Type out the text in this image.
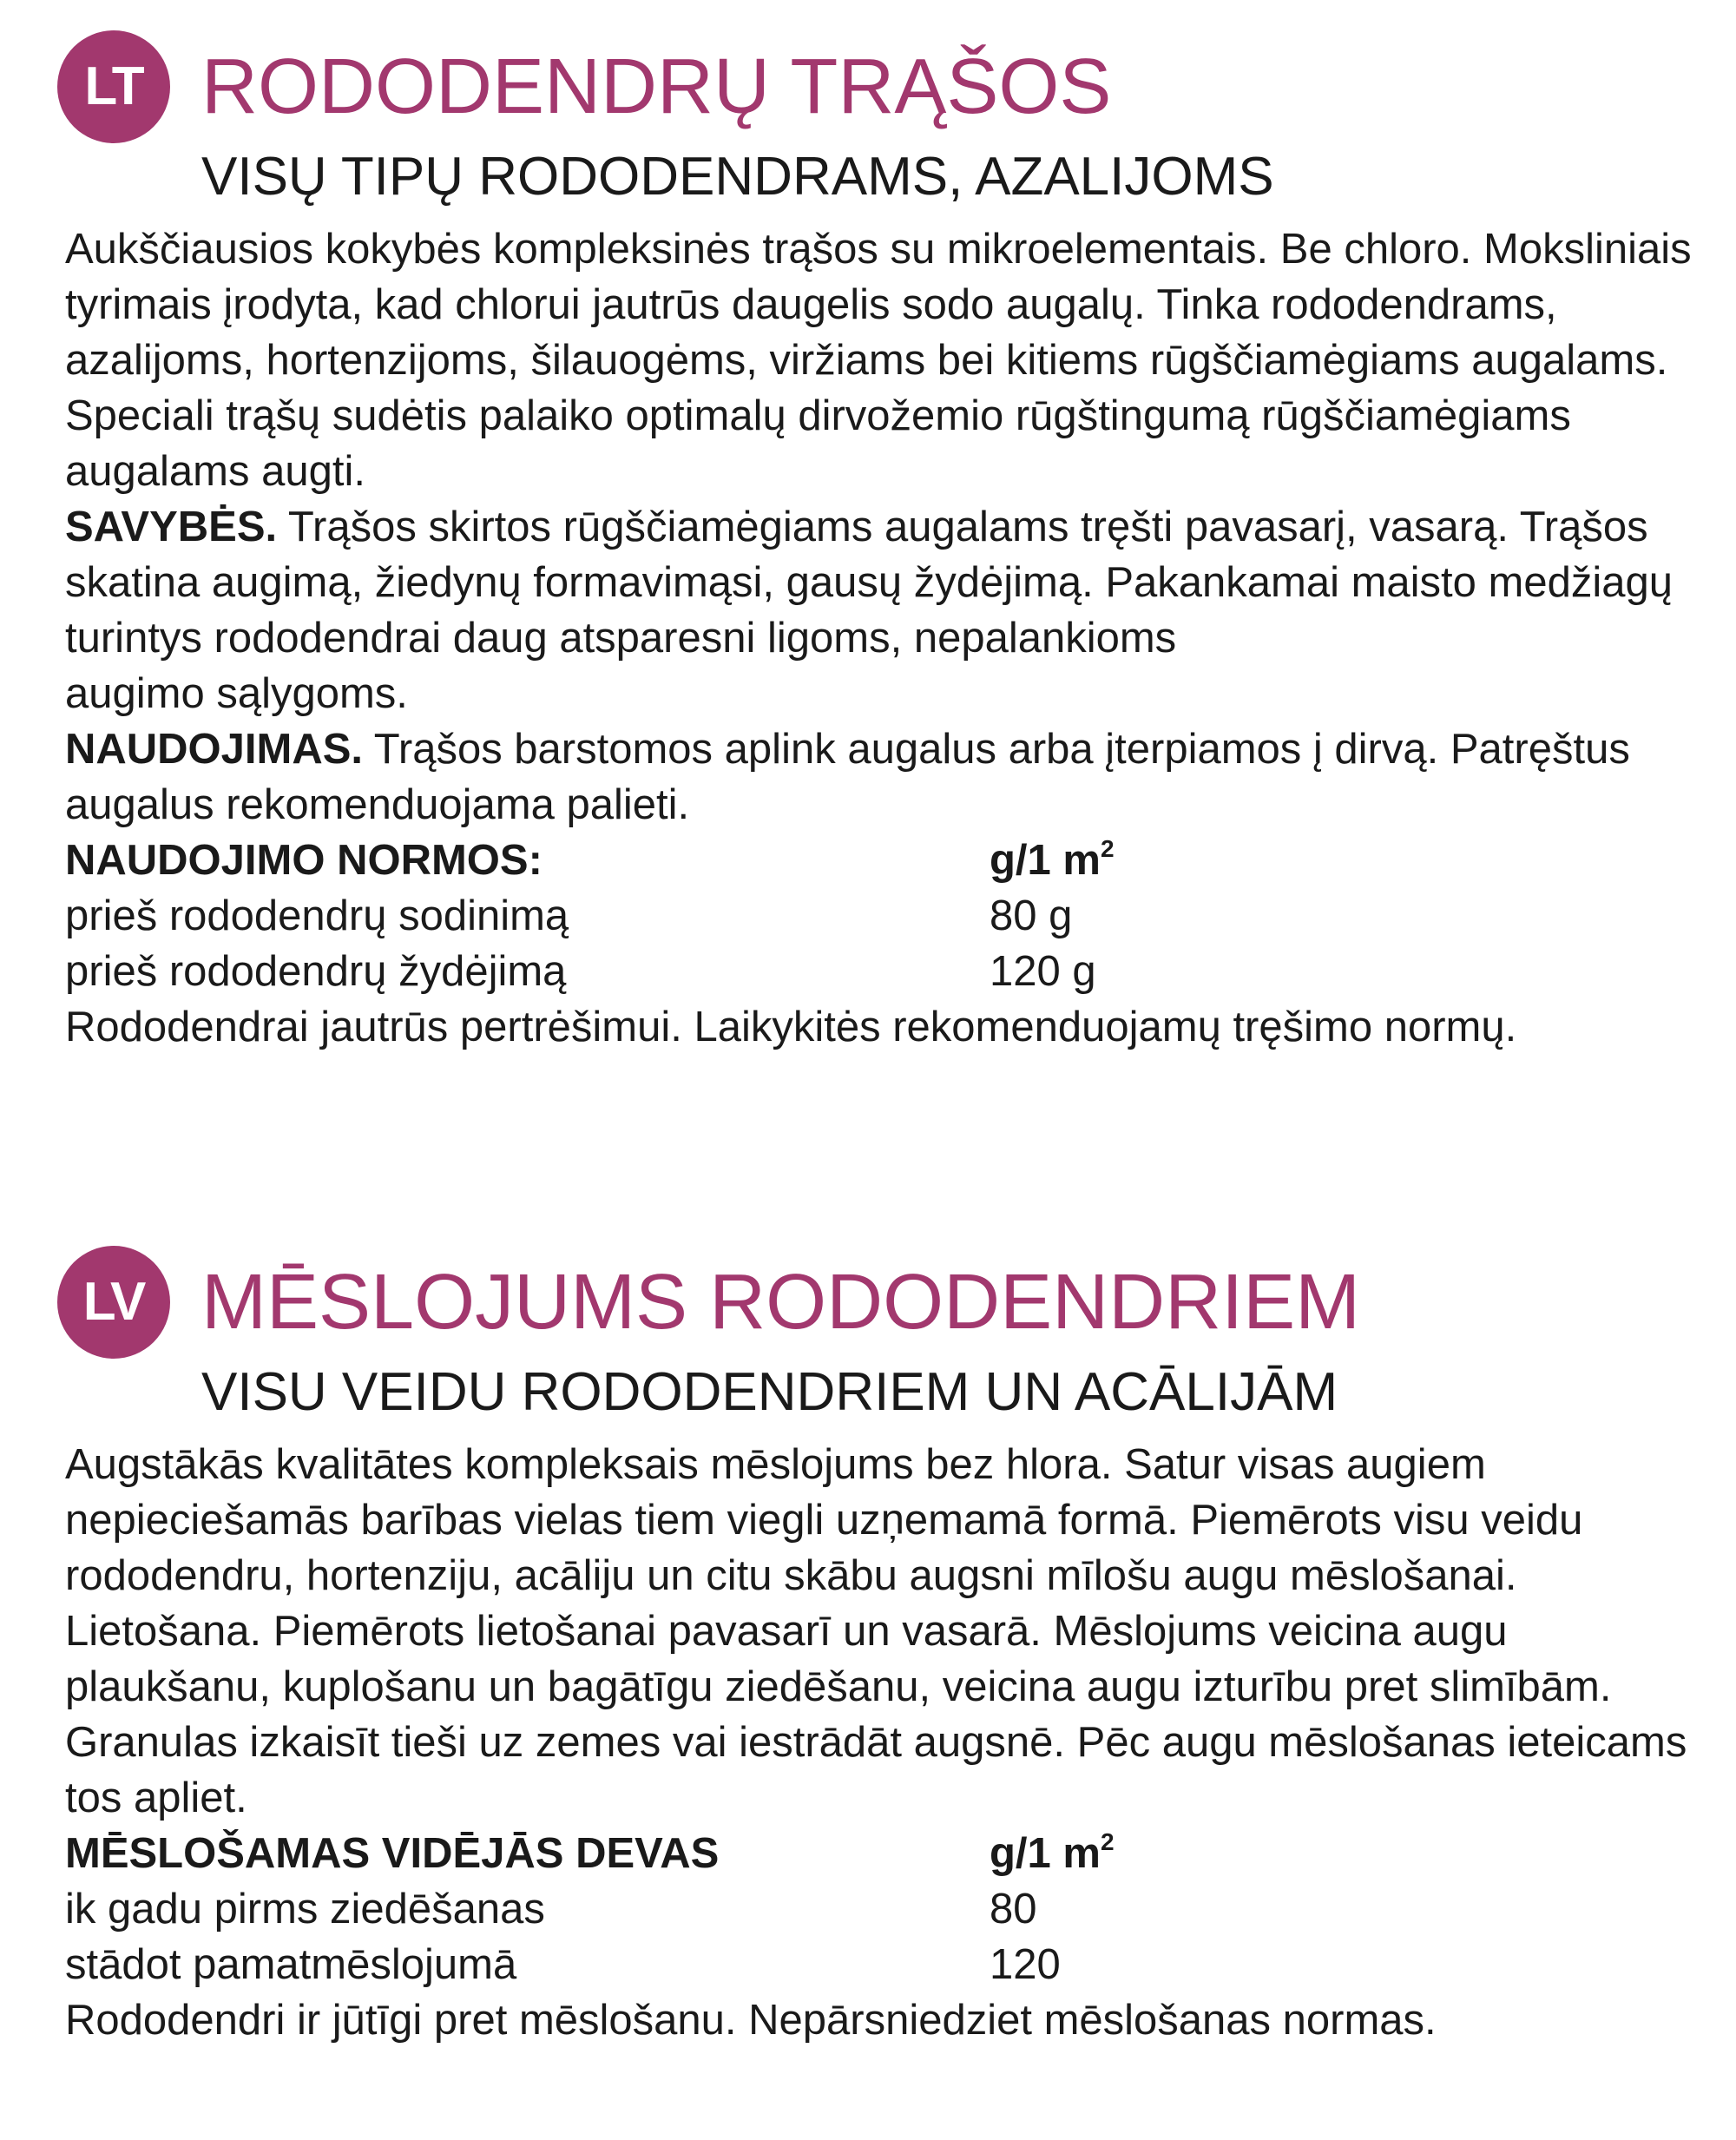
LT RODODENDRŲ TRĄŠOS
VISŲ TIPŲ RODODENDRAMS, AZALIJOMS

Aukščiausios kokybės kompleksinės trąšos su mikroelementais. Be chloro. Moksliniais tyrimais įrodyta, kad chlorui jautrūs daugelis sodo augalų. Tinka rododendrams, azalijoms, hortenzijoms, šilauogėms, viržiams bei kitiems rūgščiamėgiams augalams. Speciali trąšų sudėtis palaiko optimalų dirvožemio rūgštingumą rūgščiamėgiams augalams augti.

SAVYBĖS. Trąšos skirtos rūgščiamėgiams augalams tręšti pavasarį, vasarą. Trąšos skatina augimą, žiedynų formavimąsi, gausų žydėjimą. Pakankamai maisto medžiagų turintys rododendrai daug atsparesni ligoms, nepalankioms

augimo sąlygoms.

NAUDOJIMAS. Trąšos barstomos aplink augalus arba įterpiamos į dirvą. Patręštus augalus rekomenduojama palieti.

NAUDOJIMO NORMOS:	g/1 $m^2$
prieš rododendrų sodinimą	80 g
prieš rododendrų žydėjimą	120 g

Rododendrai jautrūs pertrėšimui. Laikykitės rekomenduojamų tręšimo normų.

LV MĒSLOJUMS RODODENDRIEM
VISU VEIDU RODODENDRIEM UN ACĀLIJĀM

Augstākās kvalitātes kompleksais mēslojums bez hlora. Satur visas augiem nepieciešamās barības vielas tiem viegli uzņemamā formā. Piemērots visu veidu rododendru, hortenziju, acāliju un citu skābu augsni mīlošu augu mēslošanai.

Lietošana. Piemērots lietošanai pavasarī un vasarā. Mēslojums veicina augu plaukšanu, kuplošanu un bagātīgu ziedēšanu, veicina augu izturību pret slimībām. Granulas izkaisīt tieši uz zemes vai iestrādāt augsnē. Pēc augu mēslošanas ieteicams tos apliet.

MĒSLOŠAMAS VIDĒJĀS DEVAS	g/1 $m^2$
ik gadu pirms ziedēšanas	80
stādot pamatmēslojumā	120

Rododendri ir jūtīgi pret mēslošanu. Nepārsniedziet mēslošanas normas.
